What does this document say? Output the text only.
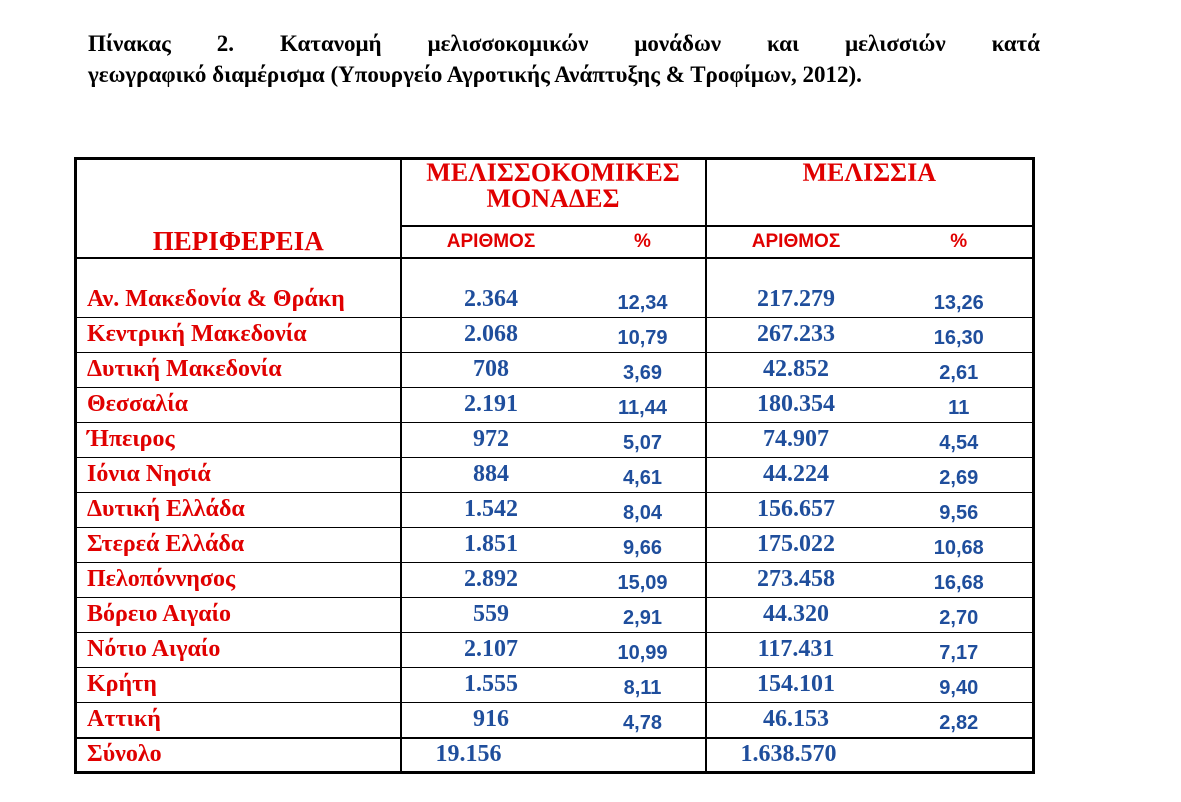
Πίνακας 2. Κατανομή μελισσοκομικών μονάδων και μελισσιών κατά
γεωγραφικό διαμέρισμα (Υπουργείο Αγροτικής Ανάπτυξης & Τροφίμων, 2012).
ΠΕΡΙΦΕΡΕΙΑ	ΜΕΛΙΣΣΟΚΟΜΙΚΕΣ ΜΟΝΑΔΕΣ		ΜΕΛΙΣΣΙΑ	
	ΑΡΙΘΜΟΣ	%	ΑΡΙΘΜΟΣ	%

Αν. Μακεδονία & Θράκη	2.364	12,34	217.279	13,26
Κεντρική Μακεδονία	2.068	10,79	267.233	16,30
Δυτική Μακεδονία	708	3,69	42.852	2,61
Θεσσαλία	2.191	11,44	180.354	11
Ήπειρος	972	5,07	74.907	4,54
Ιόνια Νησιά	884	4,61	44.224	2,69
Δυτική Ελλάδα	1.542	8,04	156.657	9,56
Στερεά Ελλάδα	1.851	9,66	175.022	10,68
Πελοπόννησος	2.892	15,09	273.458	16,68
Βόρειο Αιγαίο	559	2,91	44.320	2,70
Νότιο Αιγαίο	2.107	10,99	117.431	7,17
Κρήτη	1.555	8,11	154.101	9,40
Αττική	916	4,78	46.153	2,82
Σύνολο	19.156		1.638.570	
